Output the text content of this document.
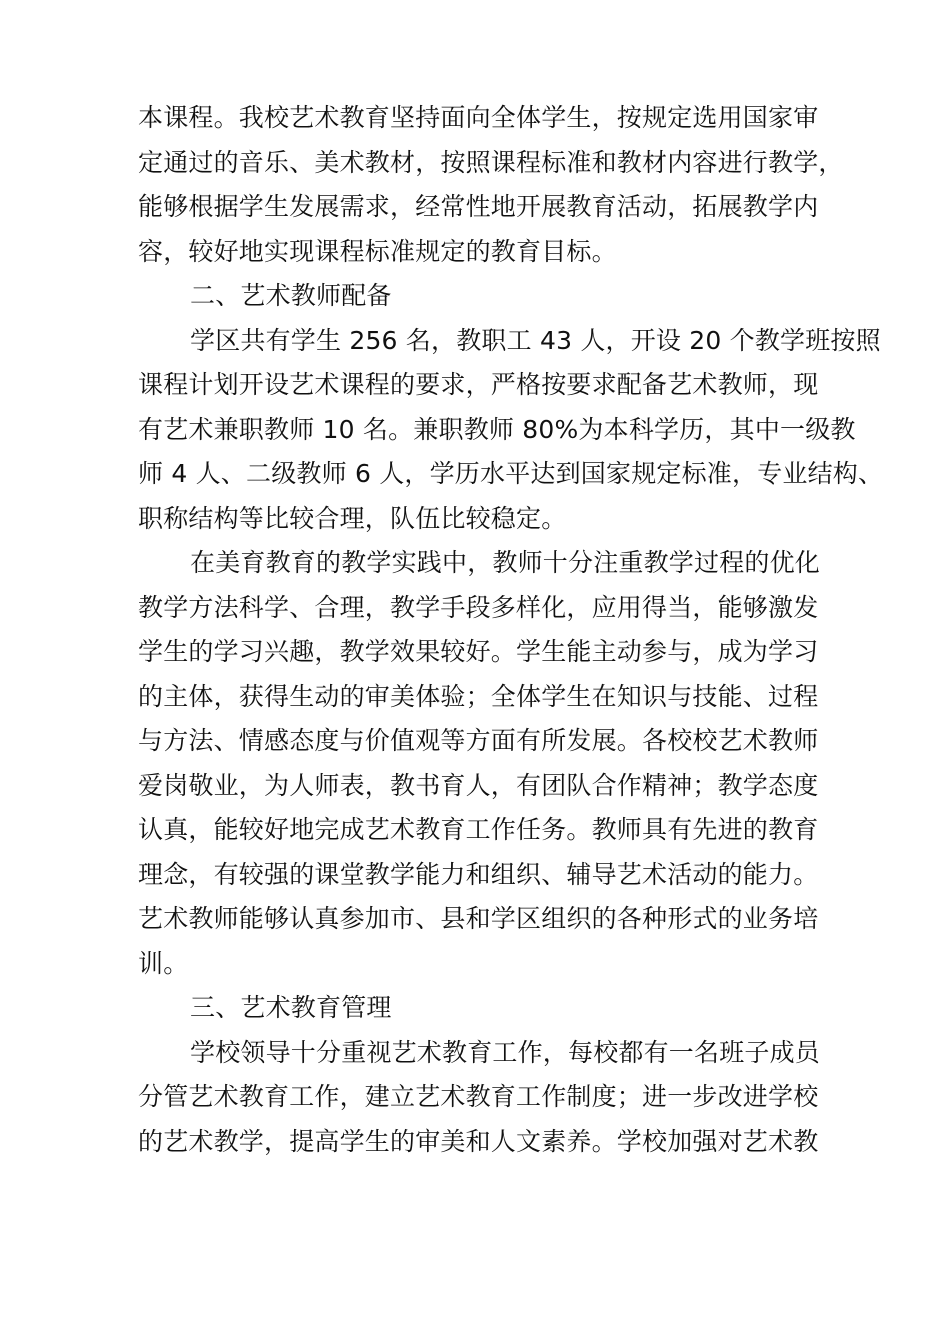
本课程。我校艺术教育坚持面向全体学生，按规定选用国家审
定通过的音乐、美术教材，按照课程标准和教材内容进行教学，
能够根据学生发展需求，经常性地开展教育活动，拓展教学内
容，较好地实现课程标准规定的教育目标。
二、艺术教师配备
学区共有学生 256 名，教职工 43 人，开设 20 个教学班按照
课程计划开设艺术课程的要求，严格按要求配备艺术教师，现
有艺术兼职教师 10 名。兼职教师 80%为本科学历，其中一级教
师 4 人、二级教师 6 人，学历水平达到国家规定标准，专业结构、
职称结构等比较合理，队伍比较稳定。
在美育教育的教学实践中，教师十分注重教学过程的优化
教学方法科学、合理，教学手段多样化，应用得当，能够激发
学生的学习兴趣，教学效果较好。学生能主动参与，成为学习
的主体，获得生动的审美体验；全体学生在知识与技能、过程
与方法、情感态度与价值观等方面有所发展。各校校艺术教师
爱岗敬业，为人师表，教书育人，有团队合作精神；教学态度
认真，能较好地完成艺术教育工作任务。教师具有先进的教育
理念，有较强的课堂教学能力和组织、辅导艺术活动的能力。
艺术教师能够认真参加市、县和学区组织的各种形式的业务培
训。
三、艺术教育管理
学校领导十分重视艺术教育工作，每校都有一名班子成员
分管艺术教育工作，建立艺术教育工作制度；进一步改进学校
的艺术教学，提高学生的审美和人文素养。学校加强对艺术教
